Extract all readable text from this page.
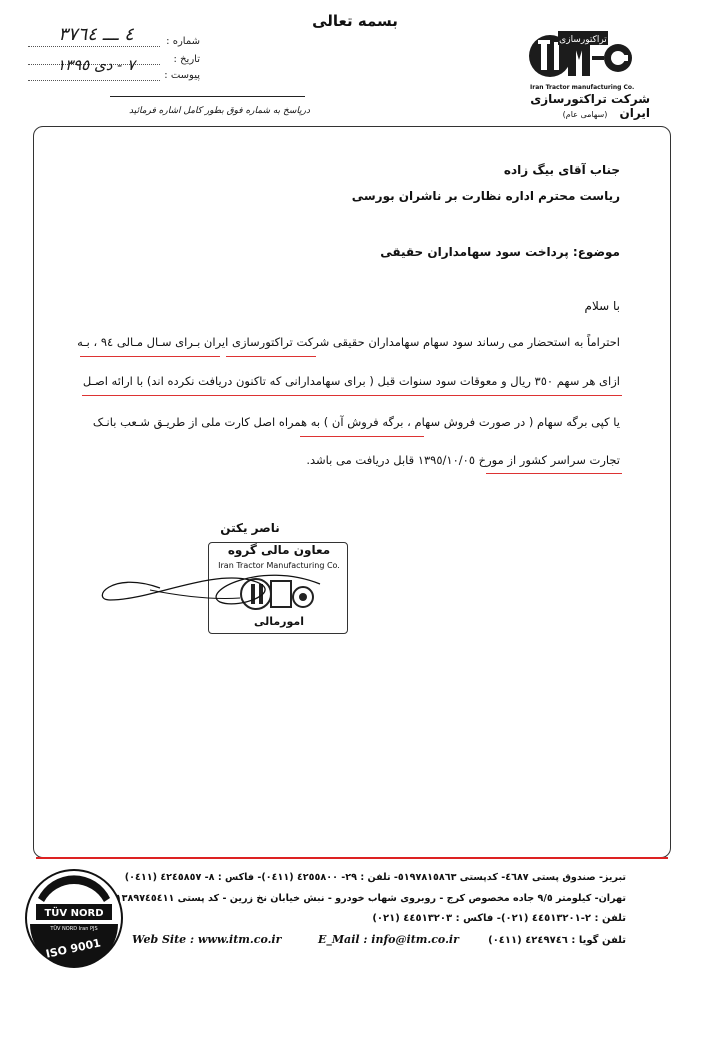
بسمه تعالی
شماره :
٤ ـــ ٣٧٦٤
تاریخ :
٧ - دی ١٣٩٥
پیوست :
درپاسخ به شماره فوق بطور کامل اشاره فرمائید
تراکتورسازی
Iran Tractor manufacturing Co.
شرکت تراکتورسازی ایران
(سهامی عام)
جناب آقای بیگ زاده
ریاست محترم اداره نظارت بر ناشران بورسی
موضوع: پرداخت سود سهامداران حقیقی
با سلام
احتراماً به استحضار می رساند سود سهام سهامداران حقیقی شرکت تراکتورسازی ایران بـرای سـال مـالی ٩٤ ، بـه
ازای هر سهم ٣٥٠ ریال و معوقات سود سنوات قبل ( برای سهامدارانی که تاکنون دریافت نکرده اند) با ارائه اصـل
یا کپی برگه سهام ( در صورت فروش سهام ، برگه فروش آن ) به همراه اصل کارت ملی از طریـق شـعب بانـک
تجارت سراسر کشور از مورخ ١٣٩٥/١٠/٠٥ قابل دریافت می باشد.
ناصر یکتن
معاون مالی گروه
Iran Tractor Manufacturing Co.
امورمالی
TÜV NORD
TÜV NORD Iran PJS
ISO 9001
تبریز- صندوق پستی ٤٦٨٧- کدپستی ٥١٩٧٨١٥٨٦٣- تلفن : ٢٩- ٤٢٥٥٨٠٠ (٠٤١١)- فاکس : ٨- ٤٢٤٥٨٥٧ (٠٤١١)
تهران- کیلومتر ٩/٥ جاده مخصوص کرج - روبروی شهاب خودرو - نبش خیابان نخ زرین - کد پستی ١٣٨٩٧٤٥٤١١
تلفن : ٢-٤٤٥١٣٢٠١ (٠٢١)- فاکس : ٤٤٥١٣٢٠٣ (٠٢١)
تلفن گویا : ٤٢٤٩٧٤٦ (٠٤١١)
Web Site : www.itm.co.ir	E_Mail : info@itm.co.ir
